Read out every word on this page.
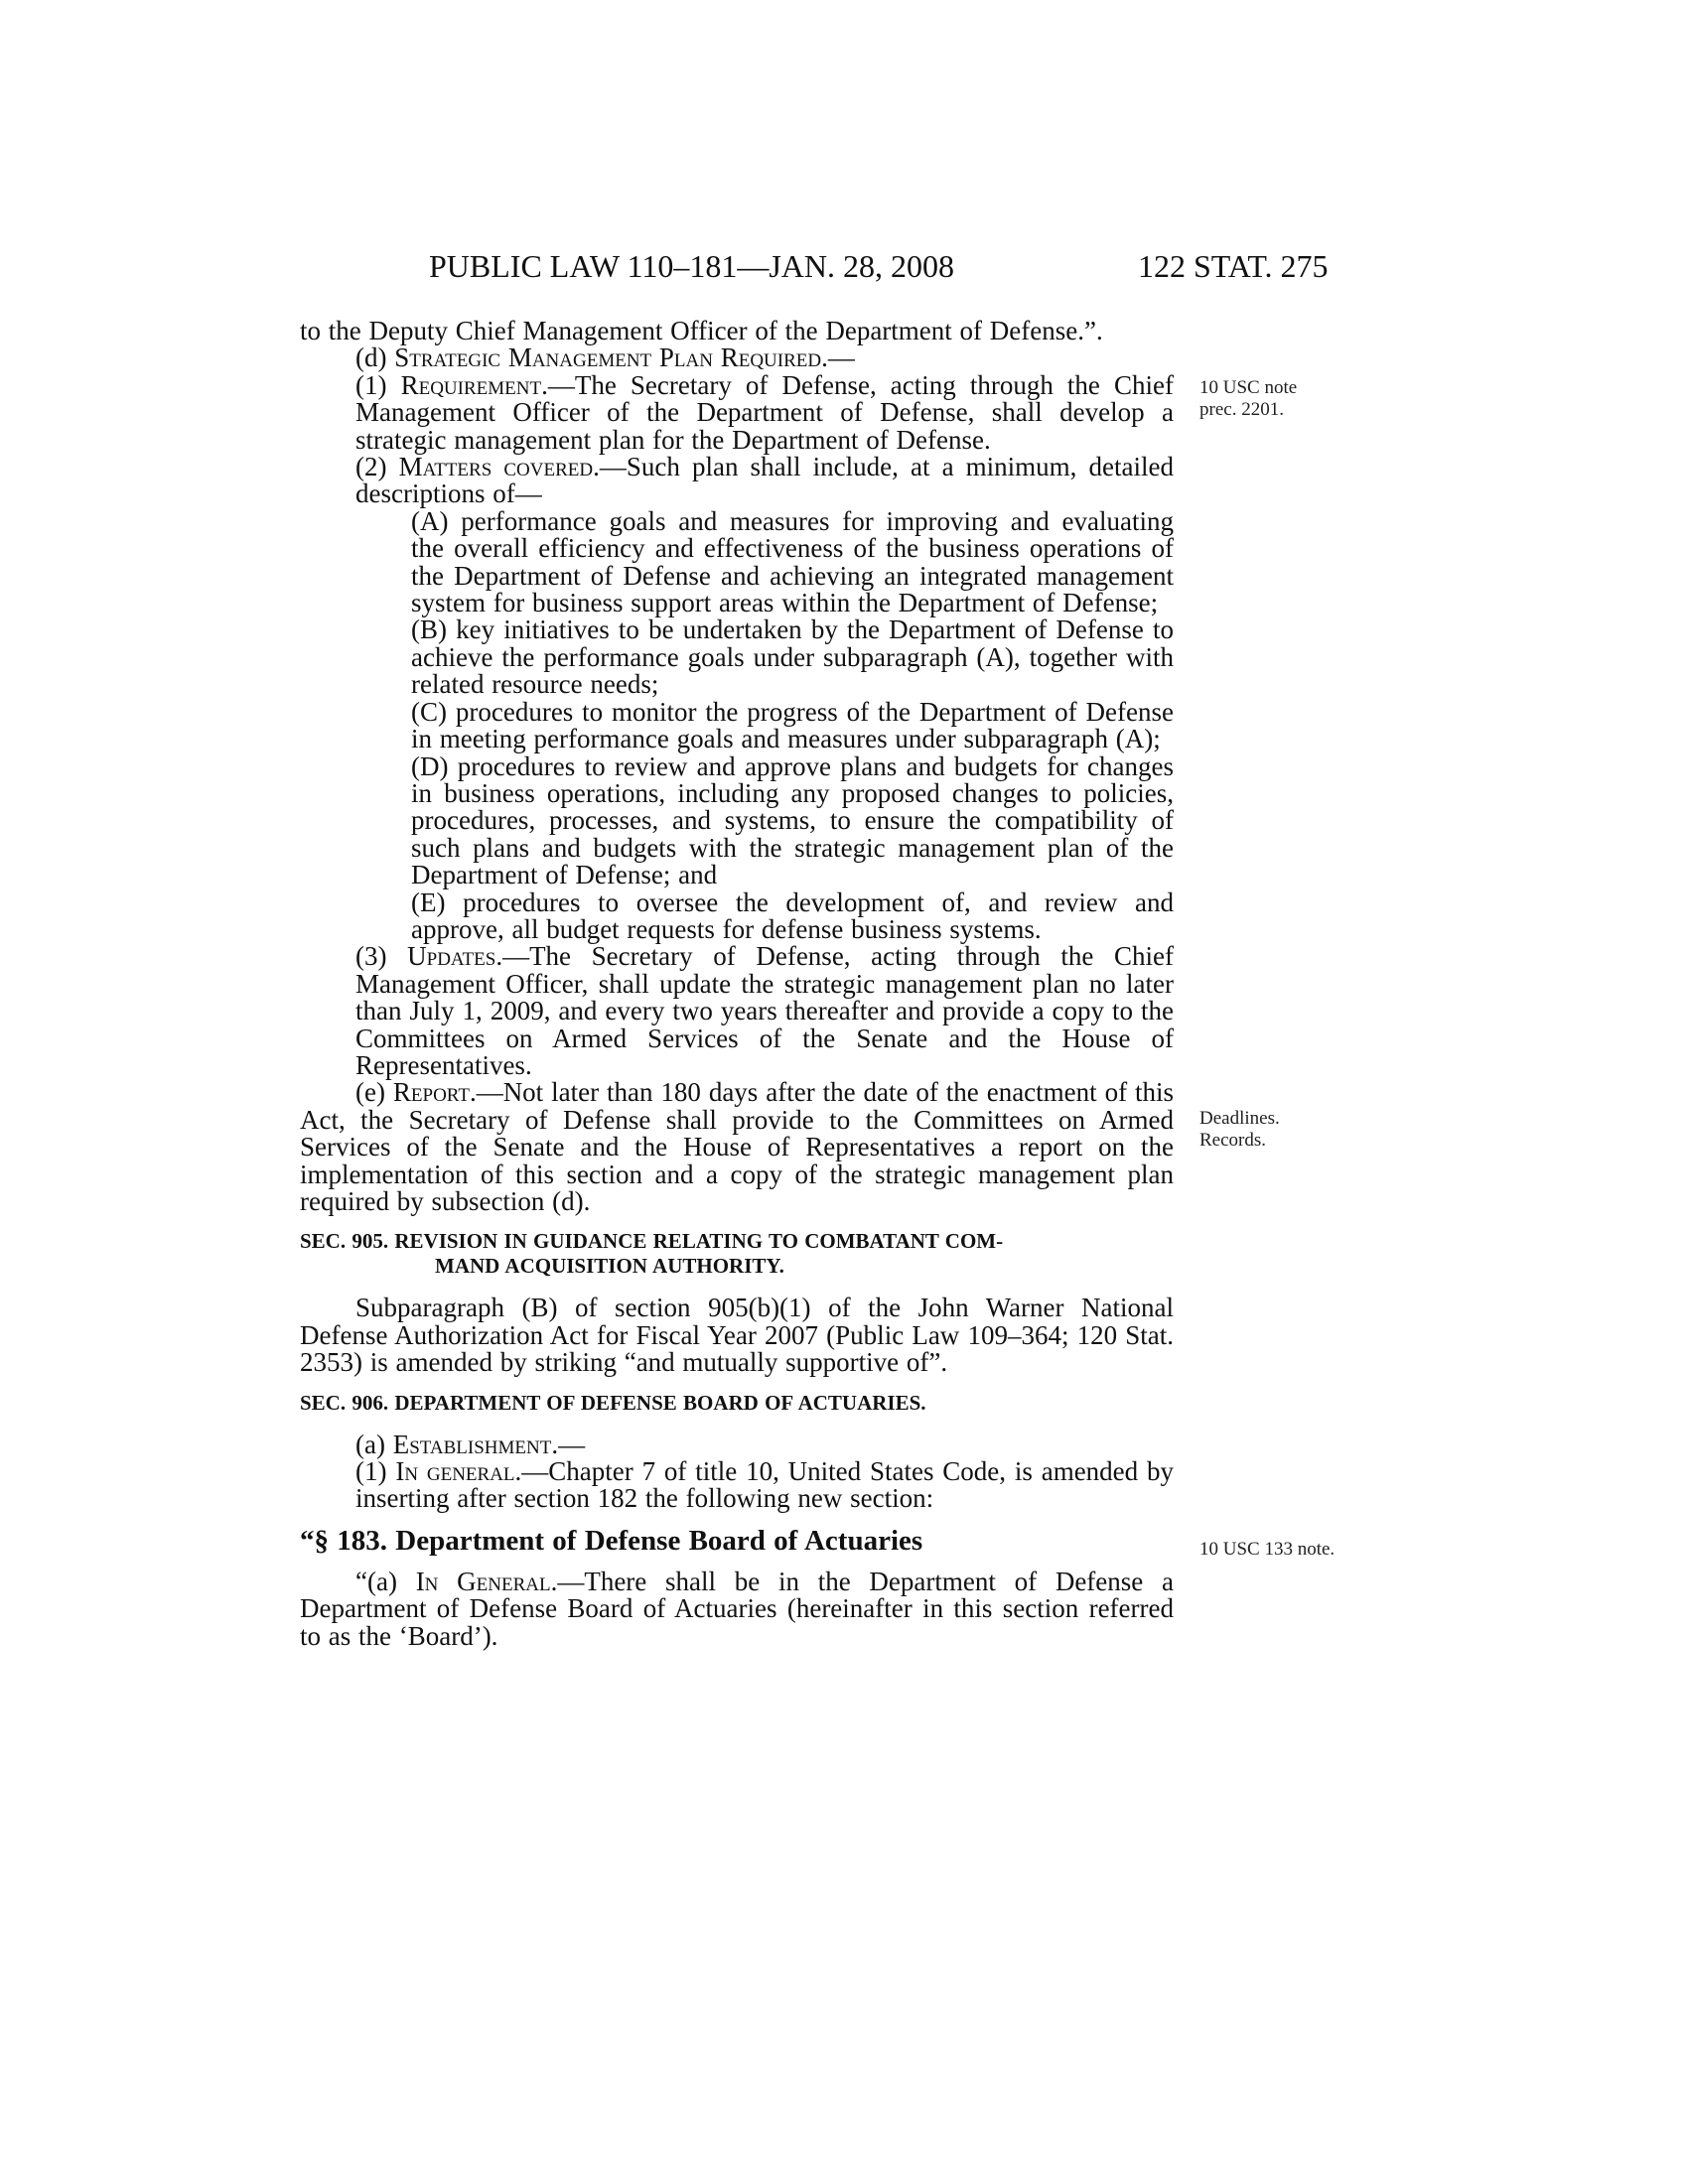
PUBLIC LAW 110–181—JAN. 28, 2008	122 STAT. 275
10 USC note
prec. 2201.
Deadlines.
Records.
10 USC 133 note.

to the Deputy Chief Management Officer of the Department of Defense.”.

(d) Strategic Management Plan Required.—

(1) Requirement.—The Secretary of Defense, acting through the Chief Management Officer of the Department of Defense, shall develop a strategic management plan for the Department of Defense.

(2) Matters covered.—Such plan shall include, at a minimum, detailed descriptions of—

(A) performance goals and measures for improving and evaluating the overall efficiency and effectiveness of the business operations of the Department of Defense and achieving an integrated management system for business support areas within the Department of Defense;

(B) key initiatives to be undertaken by the Department of Defense to achieve the performance goals under subparagraph (A), together with related resource needs;

(C) procedures to monitor the progress of the Department of Defense in meeting performance goals and measures under subparagraph (A);

(D) procedures to review and approve plans and budgets for changes in business operations, including any proposed changes to policies, procedures, processes, and systems, to ensure the compatibility of such plans and budgets with the strategic management plan of the Department of Defense; and

(E) procedures to oversee the development of, and review and approve, all budget requests for defense business systems.

(3) Updates.—The Secretary of Defense, acting through the Chief Management Officer, shall update the strategic management plan no later than July 1, 2009, and every two years thereafter and provide a copy to the Committees on Armed Services of the Senate and the House of Representatives.

(e) Report.—Not later than 180 days after the date of the enactment of this Act, the Secretary of Defense shall provide to the Committees on Armed Services of the Senate and the House of Representatives a report on the implementation of this section and a copy of the strategic management plan required by subsection (d).

SEC. 905. REVISION IN GUIDANCE RELATING TO COMBATANT COM-
MAND ACQUISITION AUTHORITY.

Subparagraph (B) of section 905(b)(1) of the John Warner National Defense Authorization Act for Fiscal Year 2007 (Public Law 109–364; 120 Stat. 2353) is amended by striking “and mutually supportive of”.

SEC. 906. DEPARTMENT OF DEFENSE BOARD OF ACTUARIES.

(a) Establishment.—

(1) In general.—Chapter 7 of title 10, United States Code, is amended by inserting after section 182 the following new section:

“§ 183. Department of Defense Board of Actuaries

“(a) In General.—There shall be in the Department of Defense a Department of Defense Board of Actuaries (hereinafter in this section referred to as the ‘Board’).
